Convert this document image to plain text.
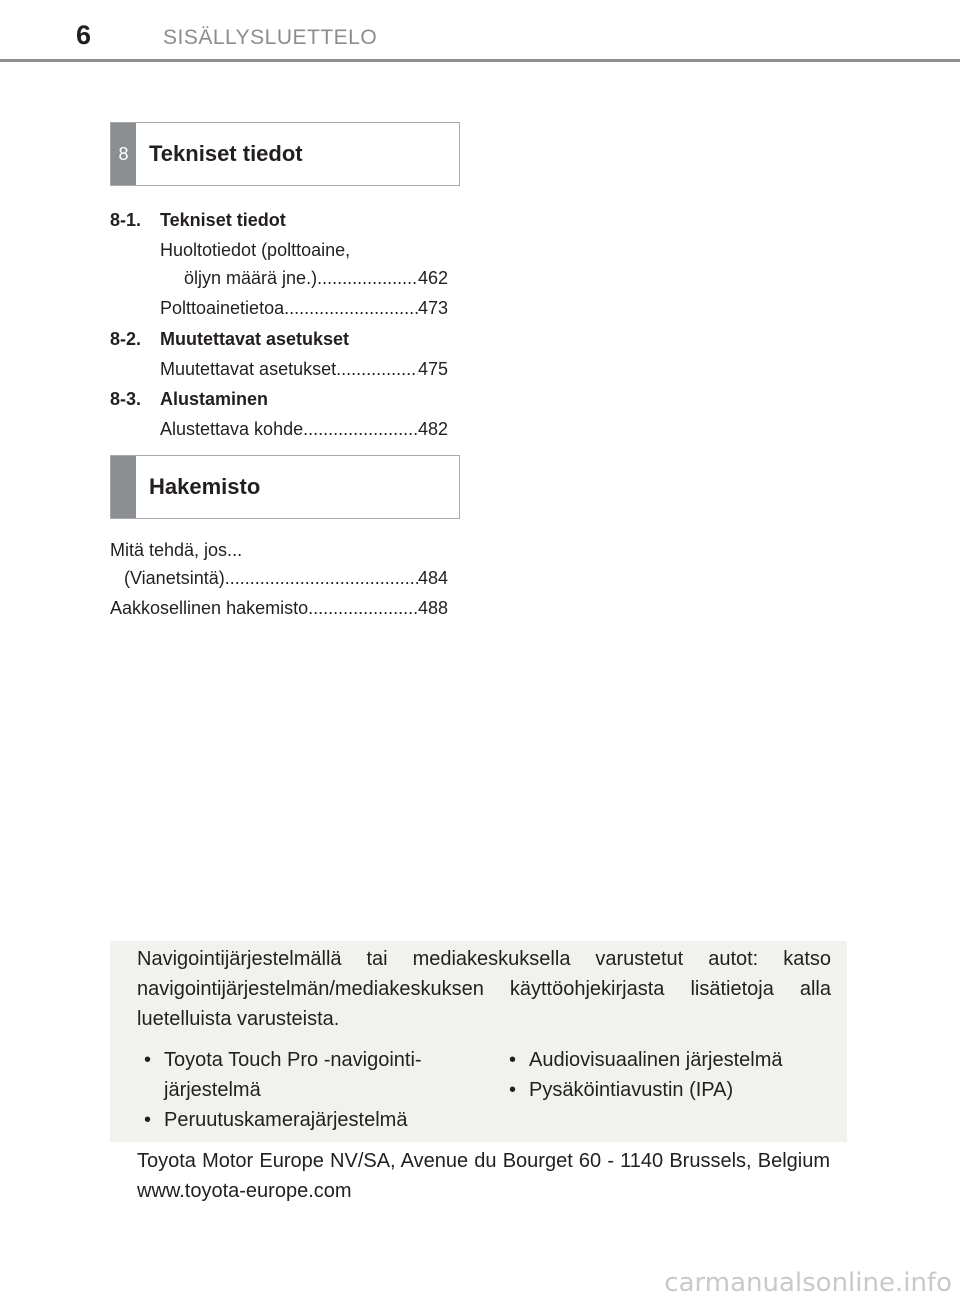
6	SISÄLLYSLUETTELO
8 Tekniset tiedot
8-1. Tekniset tiedot
Huoltotiedot (polttoaine,
öljyn määrä jne.) .....	462
Polttoainetietoa .....	473
8-2. Muutettavat asetukset
Muutettavat asetukset .....	475
8-3. Alustaminen
Alustettava kohde .....	482
Hakemisto
Mitä tehdä, jos...
(Vianetsintä) .....	484
Aakkosellinen hakemisto .....	488
Navigointijärjestelmällä tai mediakeskuksella varustetut autot: katso navigointijärjestelmän/mediakeskuksen käyttöohjekirjasta lisätietoja alla luetelluista varusteista.
• Toyota Touch Pro -navigointi-järjestelmä
• Peruutuskamerajärjestelmä
• Audiovisuaalinen järjestelmä
• Pysäköintiavustin (IPA)
Toyota Motor Europe NV/SA, Avenue du Bourget 60 - 1140 Brussels, Belgium www.toyota-europe.com
carmanualsonline.info
